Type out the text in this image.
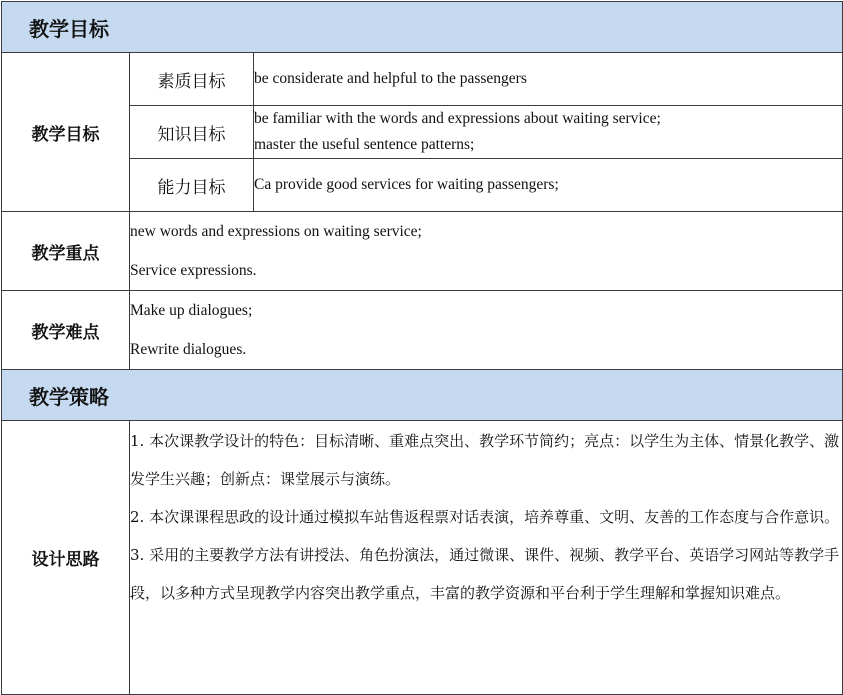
教学目标		
教学目标	素质目标	be considerate and helpful to the passengers

	知识目标	be familiar with the words and expressions about waiting service;
master the useful sentence patterns;

	能力目标	Ca provide good services for waiting passengers;

教学重点	new words and expressions on waiting service;
Service expressions.	

教学难点	Make up dialogues;
Rewrite dialogues.	

教学策略		
设计思路	1. 本次课教学设计的特色：目标清晰、重难点突出、教学环节简约；亮点：以学生为主体、情景化教学、激发学生兴趣；创新点：课堂展示与演练。
2. 本次课课程思政的设计通过模拟车站售返程票对话表演，培养尊重、文明、友善的工作态度与合作意识。
3. 采用的主要教学方法有讲授法、角色扮演法，通过微课、课件、视频、教学平台、英语学习网站等教学手段，以多种方式呈现教学内容突出教学重点，丰富的教学资源和平台利于学生理解和掌握知识难点。	
